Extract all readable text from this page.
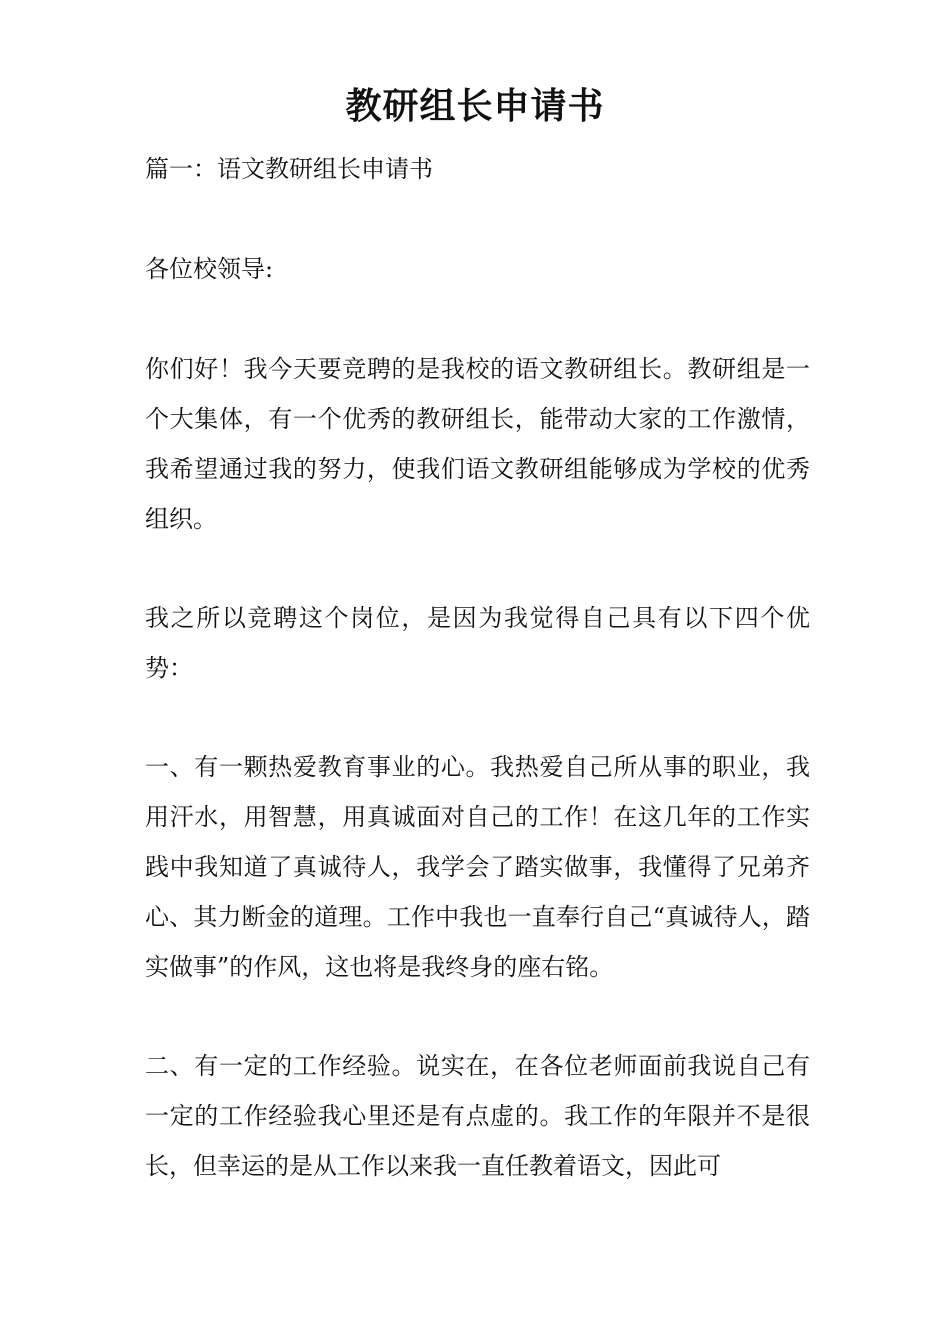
教研组长申请书

篇一：语文教研组长申请书

各位校领导:

你们好！我今天要竞聘的是我校的语文教研组长。教研组是一个大集体，有一个优秀的教研组长，能带动大家的工作激情，我希望通过我的努力，使我们语文教研组能够成为学校的优秀组织。

我之所以竞聘这个岗位，是因为我觉得自己具有以下四个优势：

一、有一颗热爱教育事业的心。我热爱自己所从事的职业，我用汗水，用智慧，用真诚面对自己的工作！在这几年的工作实践中我知道了真诚待人，我学会了踏实做事，我懂得了兄弟齐心、其力断金的道理。工作中我也一直奉行自己“真诚待人，踏实做事”的作风，这也将是我终身的座右铭。

二、有一定的工作经验。说实在，在各位老师面前我说自己有一定的工作经验我心里还是有点虚的。我工作的年限并不是很长，但幸运的是从工作以来我一直任教着语文，因此可
